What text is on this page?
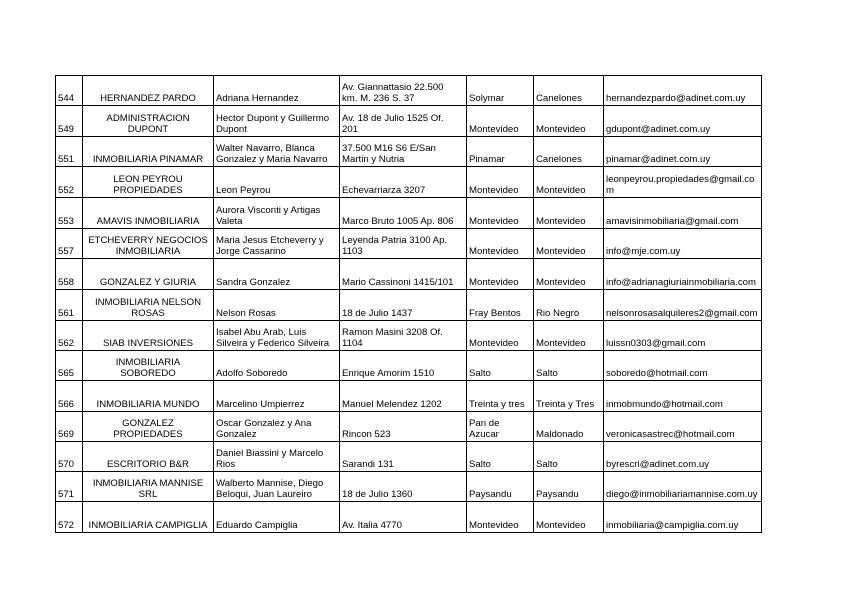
544	HERNANDEZ PARDO	Adriana Hernandez	Av. Giannattasio 22.500
km. M. 236 S. 37	Solymar	Canelones	hernandezpardo@adinet.com.uy
549	ADMINISTRACION
DUPONT	Hector Dupont y Guillermo
Dupont	Av. 18 de Julio 1525 Of.
201	Montevideo	Montevideo	gdupont@adinet.com.uy
551	INMOBILIARIA PINAMAR	Walter Navarro, Blanca
Gonzalez y Maria Navarro	37.500 M16 S6 E/San
Martin y Nutria	Pinamar	Canelones	pinamar@adinet.com.uy
552	LEON PEYROU
PROPIEDADES	Leon Peyrou	Echevarriarza 3207	Montevideo	Montevideo	leonpeyrou.propiedades@gmail.com
553	AMAVIS INMOBILIARIA	Aurora Visconti y Artigas
Valeta	Marco Bruto 1005 Ap. 806	Montevideo	Montevideo	amavisinmobiliaria@gmail.com
557	ETCHEVERRY NEGOCIOS
INMOBILIARIA	Maria Jesus Etcheverry y
Jorge Cassarino	Leyenda Patria 3100 Ap.
1103	Montevideo	Montevideo	info@mje.com.uy
558	GONZALEZ Y GIURIA	Sandra Gonzalez	Mario Cassinoni 1415/101	Montevideo	Montevideo	info@adrianagiuriainmobiliaria.com
561	INMOBILIARIA NELSON
ROSAS	Nelson Rosas	18 de Julio 1437	Fray Bentos	Rio Negro	nelsonrosasalquileres2@gmail.com
562	SIAB INVERSIONES	Isabel Abu Arab, Luis
Silveira y Federico Silveira	Ramon Masini 3208 Of.
1104	Montevideo	Montevideo	luissn0303@gmail.com
565	INMOBILIARIA
SOBOREDO	Adolfo Soboredo	Enrique Amorim 1510	Salto	Salto	soboredo@hotmail.com
566	INMOBILIARIA MUNDO	Marcelino Umpierrez	Manuel Melendez 1202	Treinta y tres	Treinta y Tres	inmobmundo@hotmail.com
569	GONZALEZ
PROPIEDADES	Oscar Gonzalez y Ana
Gonzalez	Rincon 523	Pan de
Azucar	Maldonado	veronicasastrec@hotmail.com
570	ESCRITORIO B&R	Daniel Biassini y Marcelo
Rios	Sarandi 131	Salto	Salto	byrescri@adinet.com.uy
571	INMOBILIARIA MANNISE
SRL	Walberto Mannise, Diego
Beloqui, Juan Laureiro	18 de Julio 1360	Paysandu	Paysandu	diego@inmobiliariamannise.com.uy
572	INMOBILIARIA CAMPIGLIA	Eduardo Campiglia	Av. Italia 4770	Montevideo	Montevideo	inmobiliaria@campiglia.com.uy
